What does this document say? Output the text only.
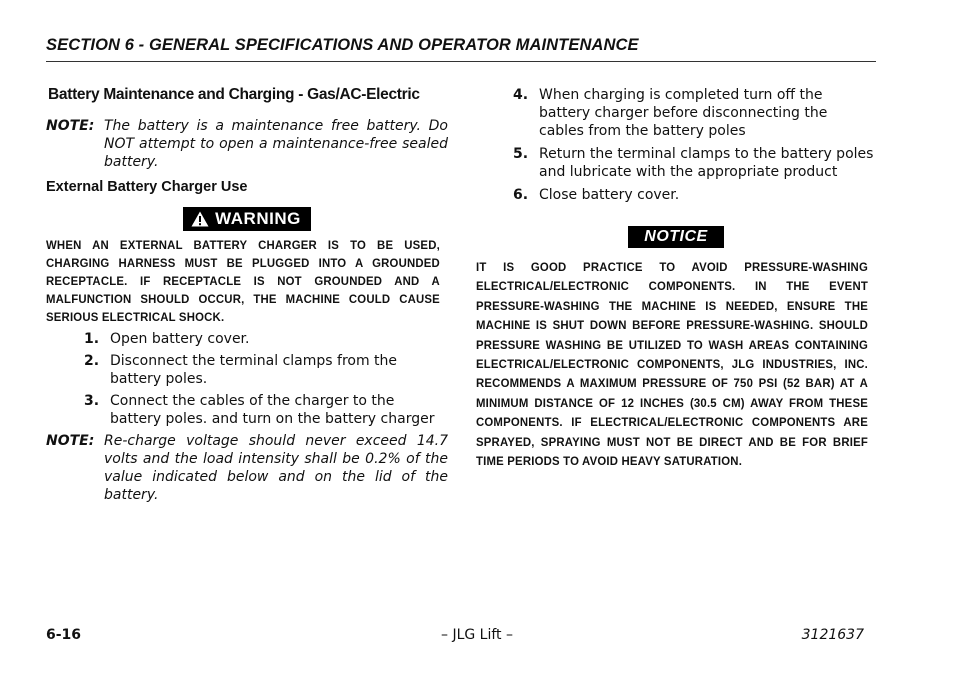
SECTION 6 - GENERAL SPECIFICATIONS AND OPERATOR MAINTENANCE
Battery Maintenance and Charging - Gas/AC-Electric
NOTE: The battery is a maintenance free battery. Do NOT attempt to open a maintenance-free sealed battery.
External Battery Charger Use
WARNING
WHEN AN EXTERNAL BATTERY CHARGER IS TO BE USED, CHARGING HARNESS MUST BE PLUGGED INTO A GROUNDED RECEPTACLE. IF RECEPTACLE IS NOT GROUNDED AND A MALFUNCTION SHOULD OCCUR, THE MACHINE COULD CAUSE SERIOUS ELECTRICAL SHOCK.
1. Open battery cover.
2. Disconnect the terminal clamps from the battery poles.
3. Connect the cables of the charger to the battery poles. and turn on the battery charger
NOTE: Re-charge voltage should never exceed 14.7 volts and the load intensity shall be 0.2% of the value indicated below and on the lid of the battery.
4. When charging is completed turn off the battery charger before disconnecting the cables from the battery poles
5. Return the terminal clamps to the battery poles and lubricate with the appropriate product
6. Close battery cover.
NOTICE
IT IS GOOD PRACTICE TO AVOID PRESSURE-WASHING ELECTRICAL/ELECTRONIC COMPONENTS. IN THE EVENT PRESSURE-WASHING THE MACHINE IS NEEDED, ENSURE THE MACHINE IS SHUT DOWN BEFORE PRESSURE-WASHING. SHOULD PRESSURE WASHING BE UTILIZED TO WASH AREAS CONTAINING ELECTRICAL/ELECTRONIC COMPONENTS, JLG INDUSTRIES, INC. RECOMMENDS A MAXIMUM PRESSURE OF 750 PSI (52 BAR) AT A MINIMUM DISTANCE OF 12 INCHES (30.5 CM) AWAY FROM THESE COMPONENTS. IF ELECTRICAL/ELECTRONIC COMPONENTS ARE SPRAYED, SPRAYING MUST NOT BE DIRECT AND BE FOR BRIEF TIME PERIODS TO AVOID HEAVY SATURATION.
6-16	– JLG Lift –	3121637
